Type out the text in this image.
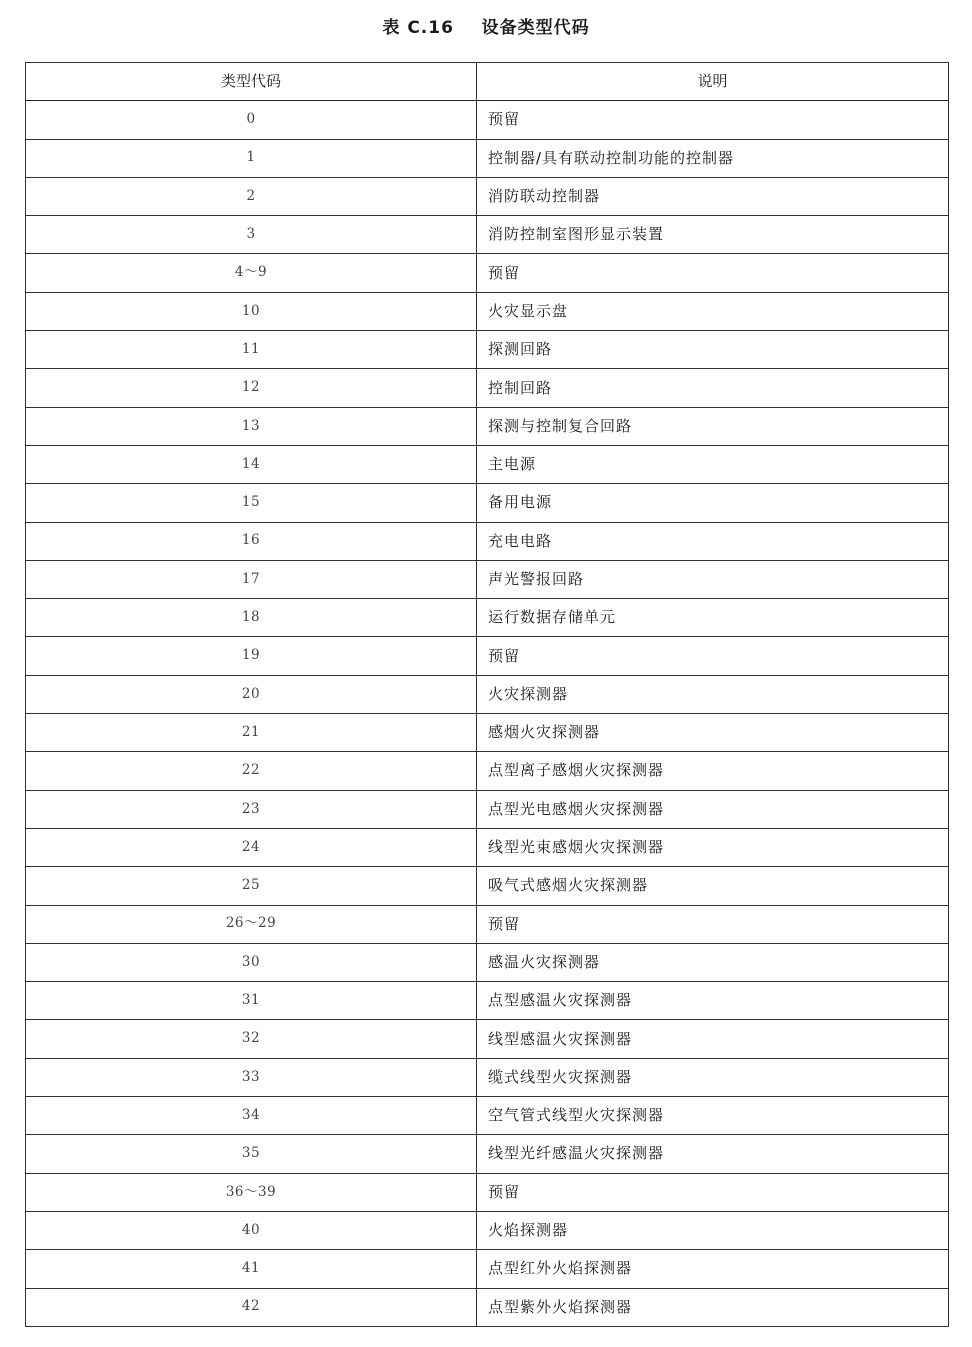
表 C.16    设备类型代码
类型代码	说明
0	预留
1	控制器/具有联动控制功能的控制器
2	消防联动控制器
3	消防控制室图形显示装置
4～9	预留
10	火灾显示盘
11	探测回路
12	控制回路
13	探测与控制复合回路
14	主电源
15	备用电源
16	充电电路
17	声光警报回路
18	运行数据存储单元
19	预留
20	火灾探测器
21	感烟火灾探测器
22	点型离子感烟火灾探测器
23	点型光电感烟火灾探测器
24	线型光束感烟火灾探测器
25	吸气式感烟火灾探测器
26～29	预留
30	感温火灾探测器
31	点型感温火灾探测器
32	线型感温火灾探测器
33	缆式线型火灾探测器
34	空气管式线型火灾探测器
35	线型光纤感温火灾探测器
36～39	预留
40	火焰探测器
41	点型红外火焰探测器
42	点型紫外火焰探测器
